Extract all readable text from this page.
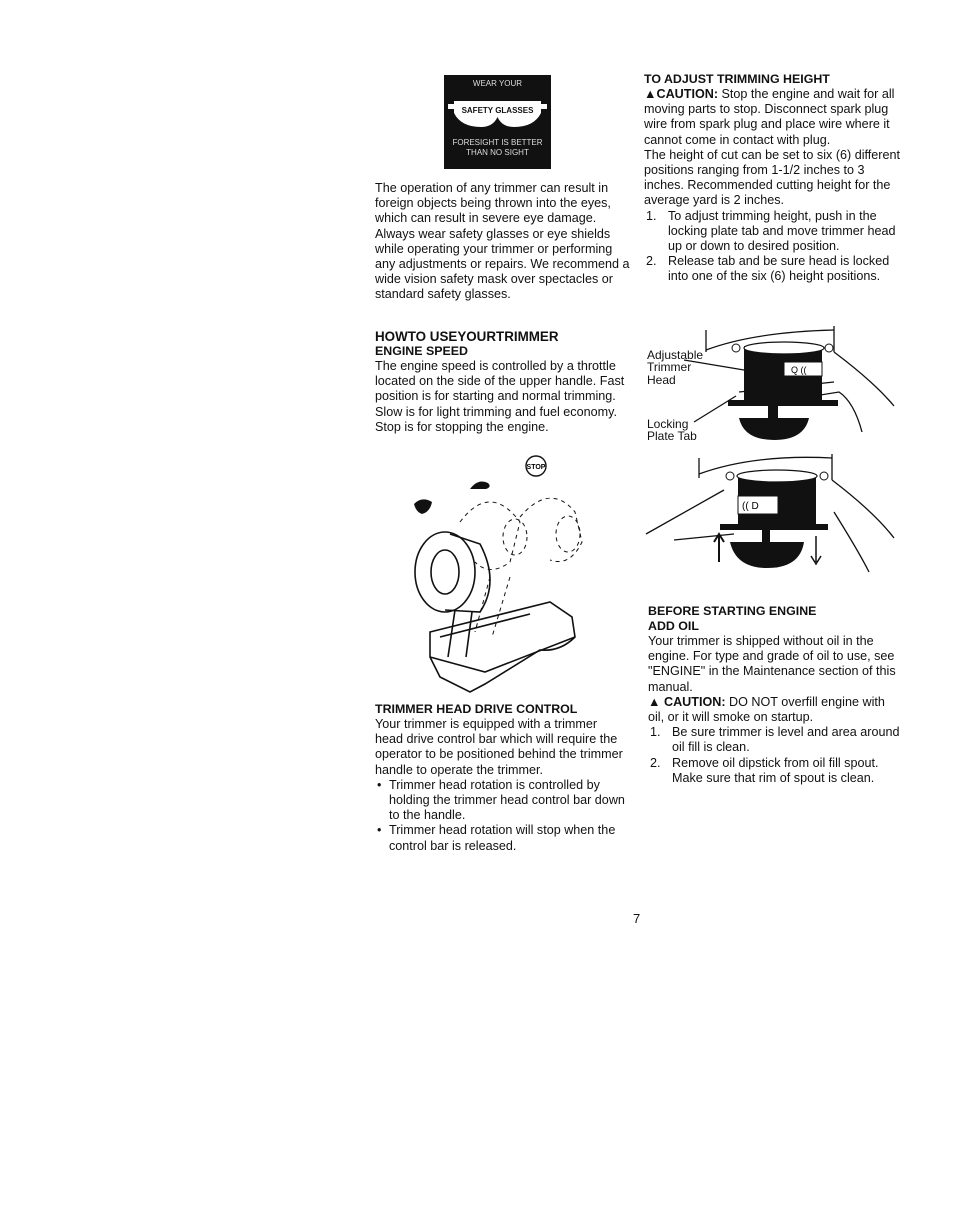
WEAR YOUR
SAFETY GLASSES
FORESIGHT IS BETTER
THAN NO SIGHT

The operation of any trimmer can result in foreign objects being thrown into the eyes, which can result in severe eye damage. Always wear safety glasses or eye shields while operating your trimmer or performing any adjustments or repairs. We recommend a wide vision safety mask over spectacles or standard safety glasses.

HOWTO USEYOURTRIMMER
ENGINE SPEED

The engine speed is controlled by a throttle located on the side of the upper handle. Fast position is for starting and normal trimming. Slow is for light trimming and fuel economy. Stop is for stopping the engine.

STOP
TRIMMER HEAD DRIVE CONTROL

Your trimmer is equipped with a trimmer head drive control bar which will require the operator to be positioned behind the trimmer handle to operate the trimmer.

• Trimmer head rotation is controlled by holding the trimmer head control bar down to the handle.
• Trimmer head rotation will stop when the control bar is released.
TO ADJUST TRIMMING HEIGHT

▲CAUTION: Stop the engine and wait for all moving parts to stop. Disconnect spark plug wire from spark plug and place wire where it cannot come in contact with plug.

The height of cut can be set to six (6) different positions ranging from 1-1/2 inches to 3 inches. Recommended cutting height for the average yard is 2 inches.

1. To adjust trimming height, push in the locking plate tab and move trimmer head up or down to desired position.
2. Release tab and be sure head is locked into one of the six (6) height positions.
Q ((
Adjustable
Trimmer
Head
Locking
Plate Tab
(( D
BEFORE STARTING ENGINE
ADD OIL

Your trimmer is shipped without oil in the engine. For type and grade of oil to use, see "ENGINE" in the Maintenance section of this manual.

▲ CAUTION: DO NOT overfill engine with oil, or it will smoke on startup.

1. Be sure trimmer is level and area around oil fill is clean.
2. Remove oil dipstick from oil fill spout. Make sure that rim of spout is clean.
7
